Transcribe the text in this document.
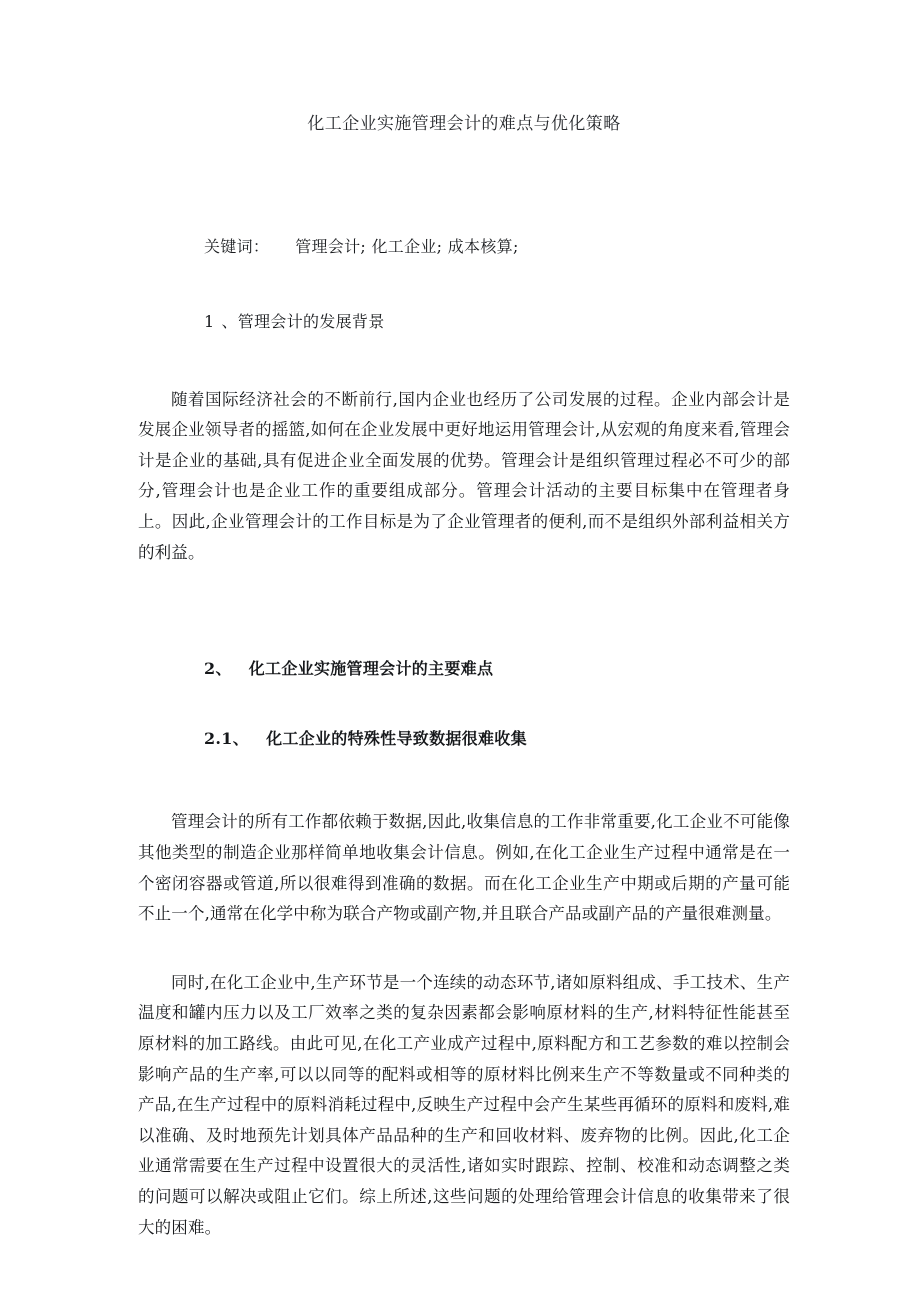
化工企业实施管理会计的难点与优化策略
关键词： 管理会计; 化工企业; 成本核算;
1 、管理会计的发展背景

随着国际经济社会的不断前行,国内企业也经历了公司发展的过程。企业内部会计是发展企业领导者的摇篮,如何在企业发展中更好地运用管理会计,从宏观的角度来看,管理会计是企业的基础,具有促进企业全面发展的优势。管理会计是组织管理过程必不可少的部分,管理会计也是企业工作的重要组成部分。管理会计活动的主要目标集中在管理者身上。因此,企业管理会计的工作目标是为了企业管理者的便利,而不是组织外部利益相关方的利益。

2、 化工企业实施管理会计的主要难点
2.1、 化工企业的特殊性导致数据很难收集

管理会计的所有工作都依赖于数据,因此,收集信息的工作非常重要,化工企业不可能像其他类型的制造企业那样简单地收集会计信息。例如,在化工企业生产过程中通常是在一个密闭容器或管道,所以很难得到准确的数据。而在化工企业生产中期或后期的产量可能不止一个,通常在化学中称为联合产物或副产物,并且联合产品或副产品的产量很难测量。

同时,在化工企业中,生产环节是一个连续的动态环节,诸如原料组成、手工技术、生产温度和罐内压力以及工厂效率之类的复杂因素都会影响原材料的生产,材料特征性能甚至原材料的加工路线。由此可见,在化工产业成产过程中,原料配方和工艺参数的难以控制会影响产品的生产率,可以以同等的配料或相等的原材料比例来生产不等数量或不同种类的产品,在生产过程中的原料消耗过程中,反映生产过程中会产生某些再循环的原料和废料,难以准确、及时地预先计划具体产品品种的生产和回收材料、废弃物的比例。因此,化工企业通常需要在生产过程中设置很大的灵活性,诸如实时跟踪、控制、校准和动态调整之类的问题可以解决或阻止它们。综上所述,这些问题的处理给管理会计信息的收集带来了很大的困难。
